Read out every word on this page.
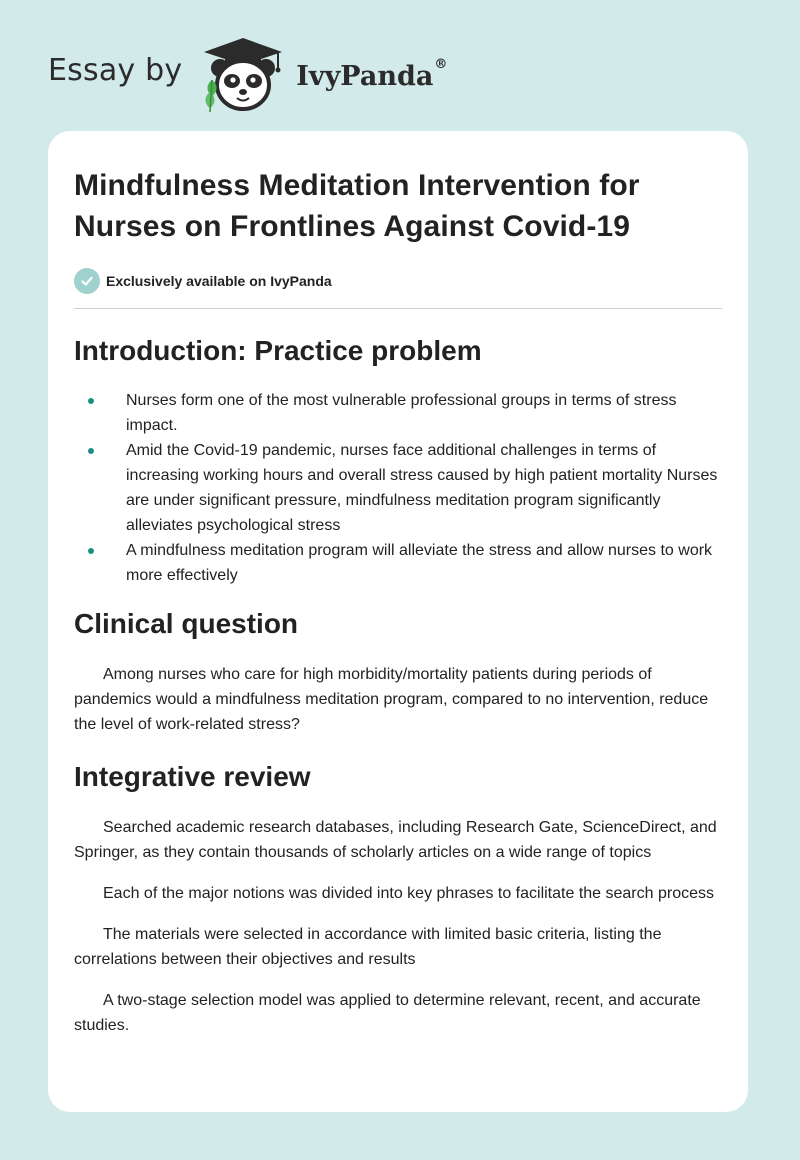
Essay by	IvyPanda®
Mindfulness Meditation Intervention for
Nurses on Frontlines Against Covid-19
Exclusively available on IvyPanda
Introduction: Practice problem
Nurses form one of the most vulnerable professional groups in terms of stress impact.
Amid the Covid-19 pandemic, nurses face additional challenges in terms of increasing working hours and overall stress caused by high patient mortality Nurses are under significant pressure, mindfulness meditation program significantly alleviates psychological stress
A mindfulness meditation program will alleviate the stress and allow nurses to work more effectively
Clinical question

Among nurses who care for high morbidity/mortality patients during periods of pandemics would a mindfulness meditation program, compared to no intervention, reduce the level of work-related stress?

Integrative review

Searched academic research databases, including Research Gate, ScienceDirect, and Springer, as they contain thousands of scholarly articles on a wide range of topics

Each of the major notions was divided into key phrases to facilitate the search process

The materials were selected in accordance with limited basic criteria, listing the correlations between their objectives and results

A two-stage selection model was applied to determine relevant, recent, and accurate studies.
